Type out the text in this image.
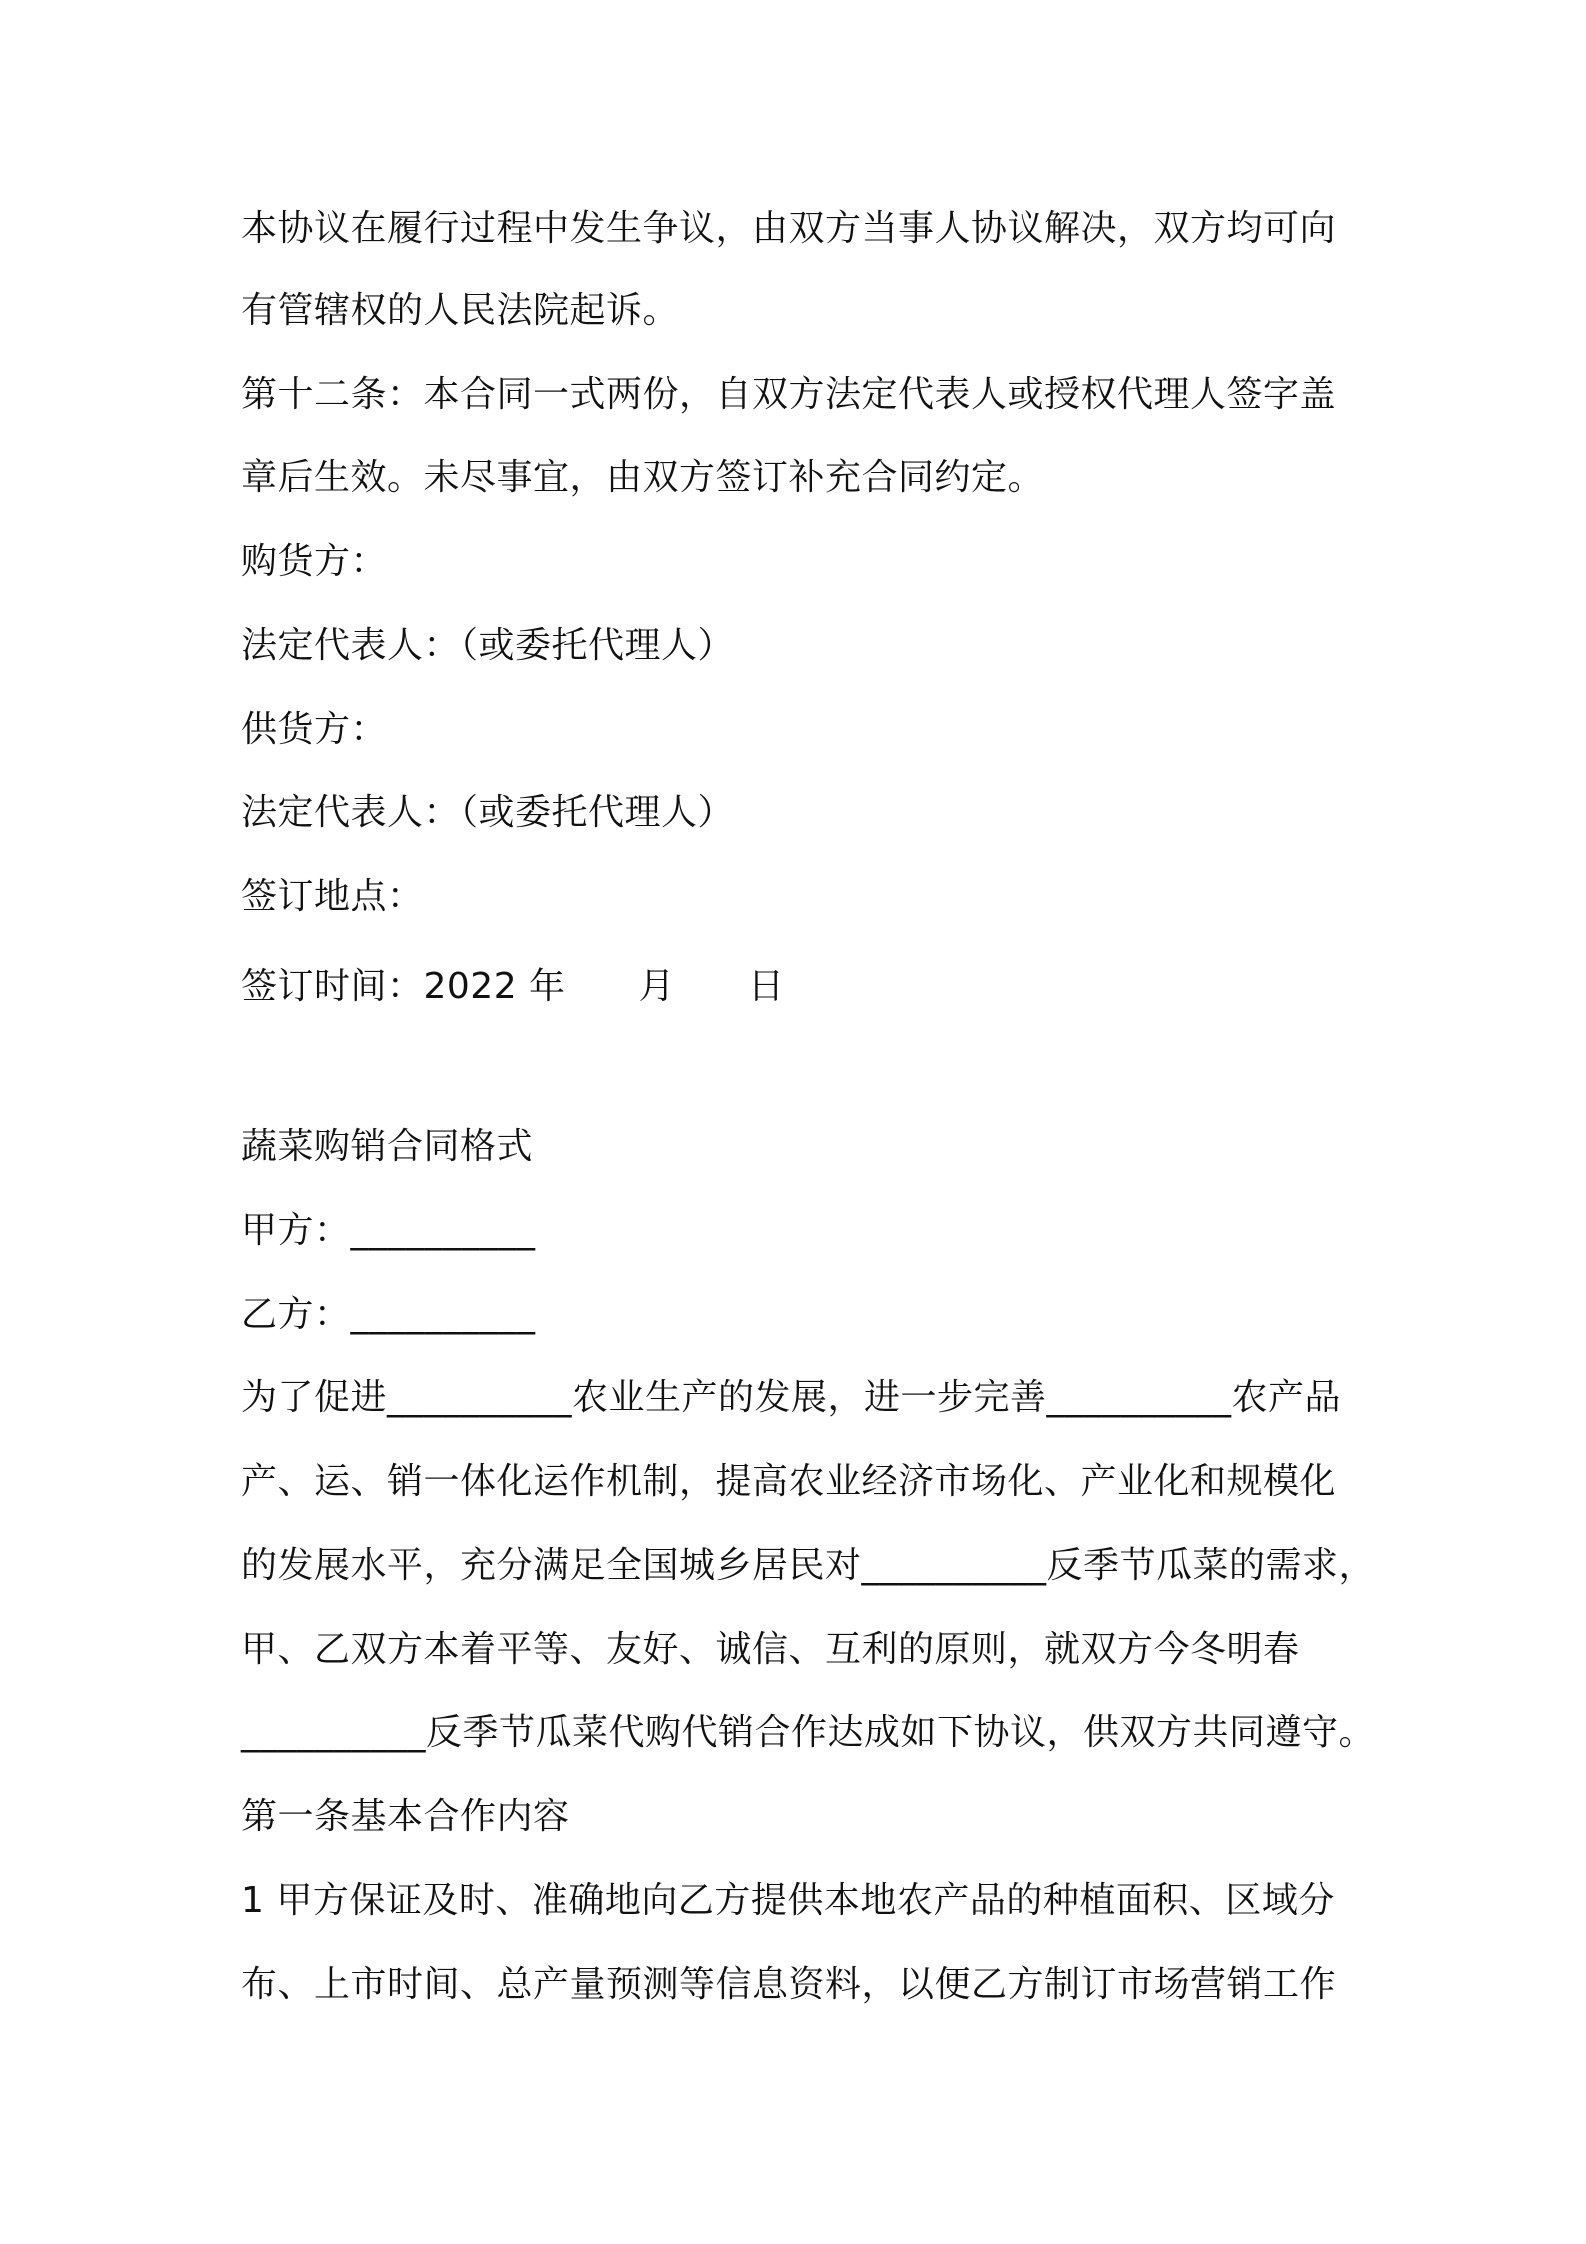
本协议在履行过程中发生争议，由双方当事人协议解决，双方均可向
有管辖权的人民法院起诉。
第十二条：本合同一式两份，自双方法定代表人或授权代理人签字盖
章后生效。未尽事宜，由双方签订补充合同约定。
购货方：
法定代表人：（或委托代理人）
供货方：
法定代表人：（或委托代理人）
签订地点：
签订时间：2022 年　　月　　日
蔬菜购销合同格式
甲方：__________
乙方：__________
为了促进__________农业生产的发展，进一步完善__________农产品
产、运、销一体化运作机制，提高农业经济市场化、产业化和规模化
的发展水平，充分满足全国城乡居民对__________反季节瓜菜的需求，
甲、乙双方本着平等、友好、诚信、互利的原则，就双方今冬明春
__________反季节瓜菜代购代销合作达成如下协议，供双方共同遵守。
第一条基本合作内容
1 甲方保证及时、准确地向乙方提供本地农产品的种植面积、区域分
布、上市时间、总产量预测等信息资料，以便乙方制订市场营销工作
